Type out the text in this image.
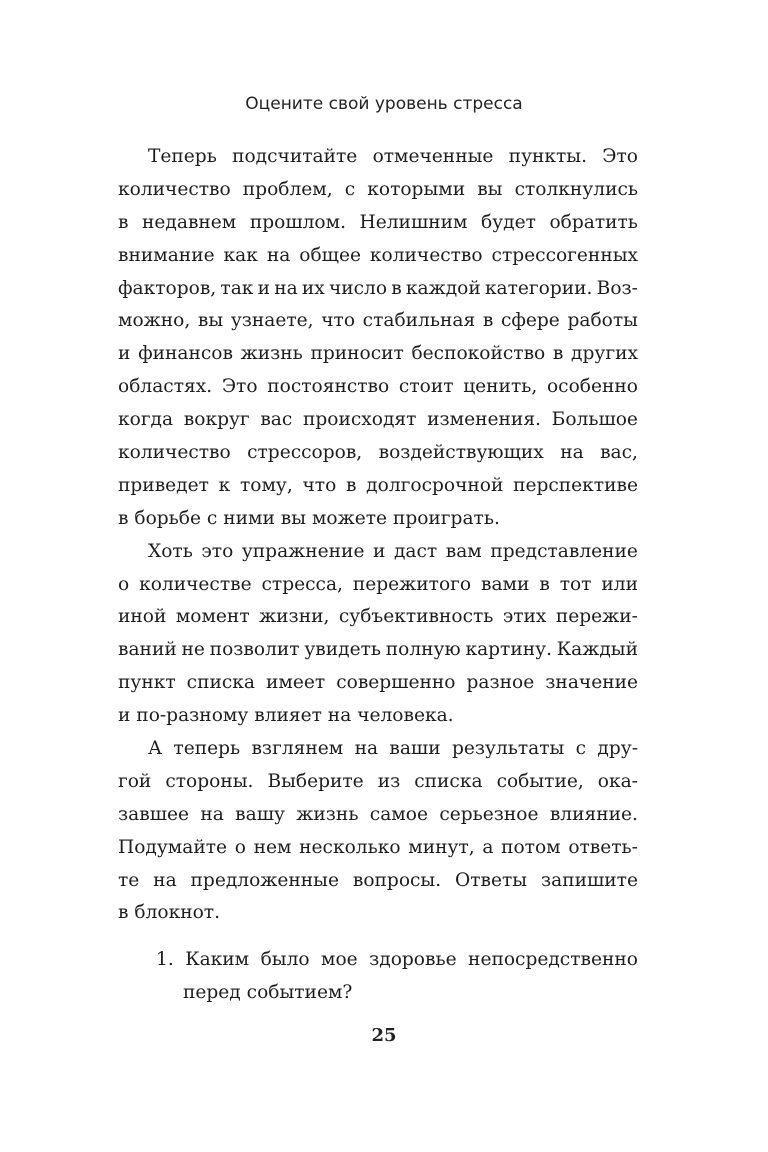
Оцените свой уровень стресса
Теперь подсчитайте отмеченные пункты. Это
количество проблем, с которыми вы столкнулись
в недавнем прошлом. Нелишним будет обратить
внимание как на общее количество стрессогенных
факторов, так и на их число в каждой категории. Воз-
можно, вы узнаете, что стабильная в сфере работы
и финансов жизнь приносит беспокойство в других
областях. Это постоянство стоит ценить, особенно
когда вокруг вас происходят изменения. Большое
количество стрессоров, воздействующих на вас,
приведет к тому, что в долгосрочной перспективе
в борьбе с ними вы можете проиграть.
Хоть это упражнение и даст вам представление
о количестве стресса, пережитого вами в тот или
иной момент жизни, субъективность этих пережи-
ваний не позволит увидеть полную картину. Каждый
пункт списка имеет совершенно разное значение
и по-разному влияет на человека.
А теперь взглянем на ваши результаты с дру-
гой стороны. Выберите из списка событие, ока-
завшее на вашу жизнь самое серьезное влияние.
Подумайте о нем несколько минут, а потом ответь-
те на предложенные вопросы. Ответы запишите
в блокнот.
1. Каким было мое здоровье непосредственно
перед событием?
25
